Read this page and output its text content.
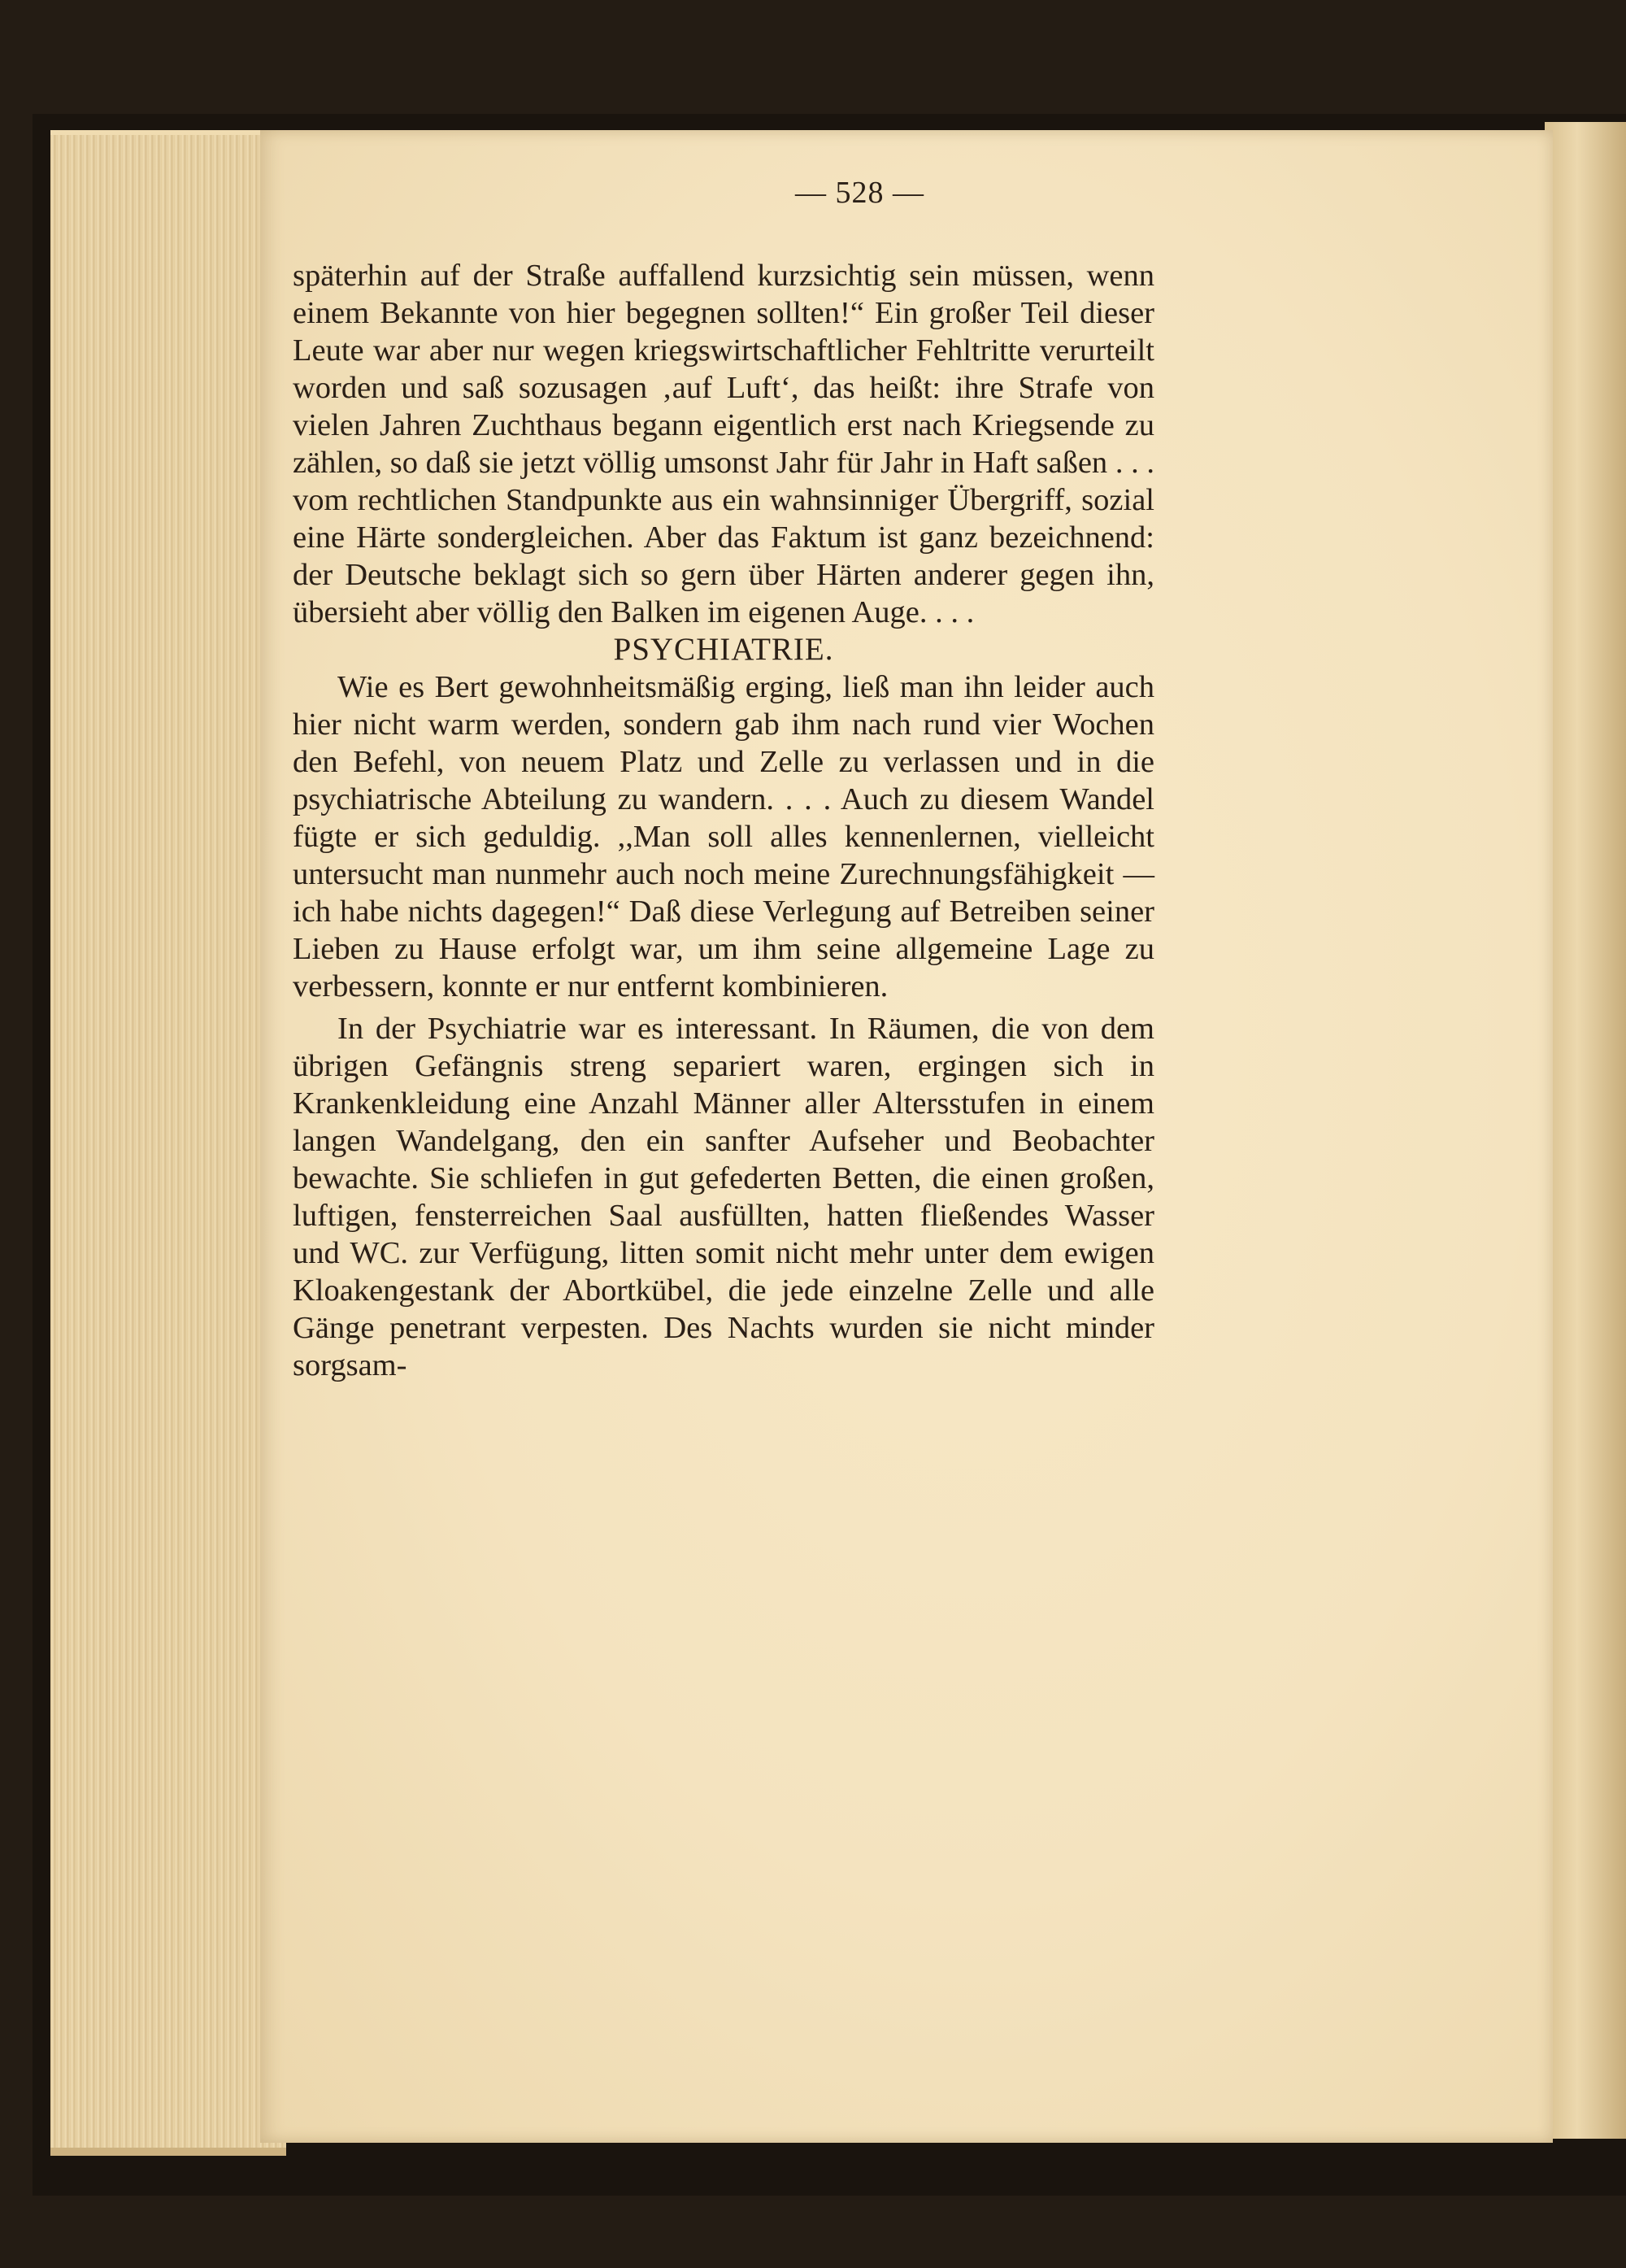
— 528 —

späterhin auf der Straße auffallend kurzsichtig sein müssen, wenn einem Bekannte von hier begegnen sollten!“ Ein großer Teil dieser Leute war aber nur wegen kriegswirtschaftlicher Fehltritte verurteilt worden und saß sozusagen ‚auf Luft‘, das heißt: ihre Strafe von vielen Jahren Zuchthaus begann eigentlich erst nach Kriegsende zu zählen, so daß sie jetzt völlig umsonst Jahr für Jahr in Haft saßen . . . vom rechtlichen Standpunkte aus ein wahnsinniger Übergriff, sozial eine Härte sondergleichen. Aber das Faktum ist ganz bezeichnend: der Deutsche beklagt sich so gern über Härten anderer gegen ihn, übersieht aber völlig den Balken im eigenen Auge. . . .

PSYCHIATRIE.

Wie es Bert gewohnheitsmäßig erging, ließ man ihn leider auch hier nicht warm werden, sondern gab ihm nach rund vier Wochen den Befehl, von neuem Platz und Zelle zu verlassen und in die psychiatrische Abteilung zu wandern. . . . Auch zu diesem Wandel fügte er sich geduldig. ,,Man soll alles kennenlernen, vielleicht untersucht man nunmehr auch noch meine Zurechnungsfähigkeit — ich habe nichts dagegen!“ Daß diese Verlegung auf Betreiben seiner Lieben zu Hause erfolgt war, um ihm seine allgemeine Lage zu verbessern, konnte er nur entfernt kombinieren.

In der Psychiatrie war es interessant. In Räumen, die von dem übrigen Gefängnis streng separiert waren, ergingen sich in Krankenkleidung eine Anzahl Männer aller Altersstufen in einem langen Wandelgang, den ein sanfter Aufseher und Beobachter bewachte. Sie schliefen in gut gefederten Betten, die einen großen, luftigen, fensterreichen Saal ausfüllten, hatten fließendes Wasser und WC. zur Verfügung, litten somit nicht mehr unter dem ewigen Kloakengestank der Abortkübel, die jede einzelne Zelle und alle Gänge penetrant verpesten. Des Nachts wurden sie nicht minder sorgsam-
